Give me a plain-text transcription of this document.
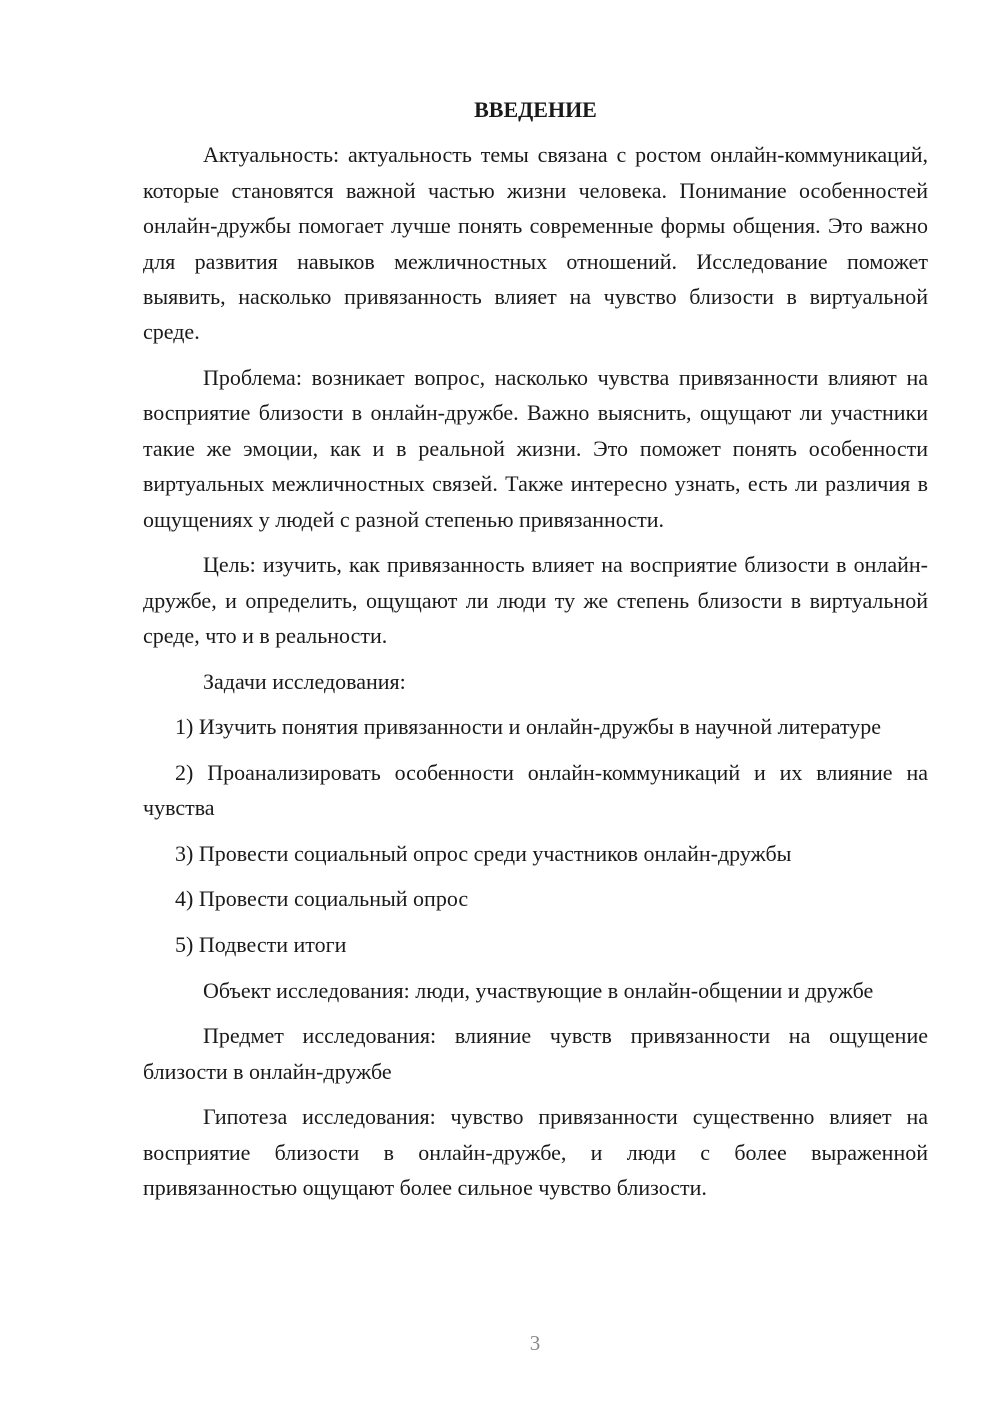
ВВЕДЕНИЕ

Актуальность: актуальность темы связана с ростом онлайн-коммуникаций, которые становятся важной частью жизни человека. Понимание особенностей онлайн-дружбы помогает лучше понять современные формы общения. Это важно для развития навыков межличностных отношений. Исследование поможет выявить, насколько привязанность влияет на чувство близости в виртуальной среде.

Проблема: возникает вопрос, насколько чувства привязанности влияют на восприятие близости в онлайн-дружбе. Важно выяснить, ощущают ли участники такие же эмоции, как и в реальной жизни. Это поможет понять особенности виртуальных межличностных связей. Также интересно узнать, есть ли различия в ощущениях у людей с разной степенью привязанности.

Цель: изучить, как привязанность влияет на восприятие близости в онлайн-дружбе, и определить, ощущают ли люди ту же степень близости в виртуальной среде, что и в реальности.

Задачи исследования:

1) Изучить понятия привязанности и онлайн-дружбы в научной литературе

2) Проанализировать особенности онлайн-коммуникаций и их влияние на чувства

3) Провести социальный опрос среди участников онлайн-дружбы

4) Провести социальный опрос

5) Подвести итоги

Объект исследования: люди, участвующие в онлайн-общении и дружбе

Предмет исследования: влияние чувств привязанности на ощущение близости в онлайн-дружбе

Гипотеза исследования: чувство привязанности существенно влияет на восприятие близости в онлайн-дружбе, и люди с более выраженной привязанностью ощущают более сильное чувство близости.

3
